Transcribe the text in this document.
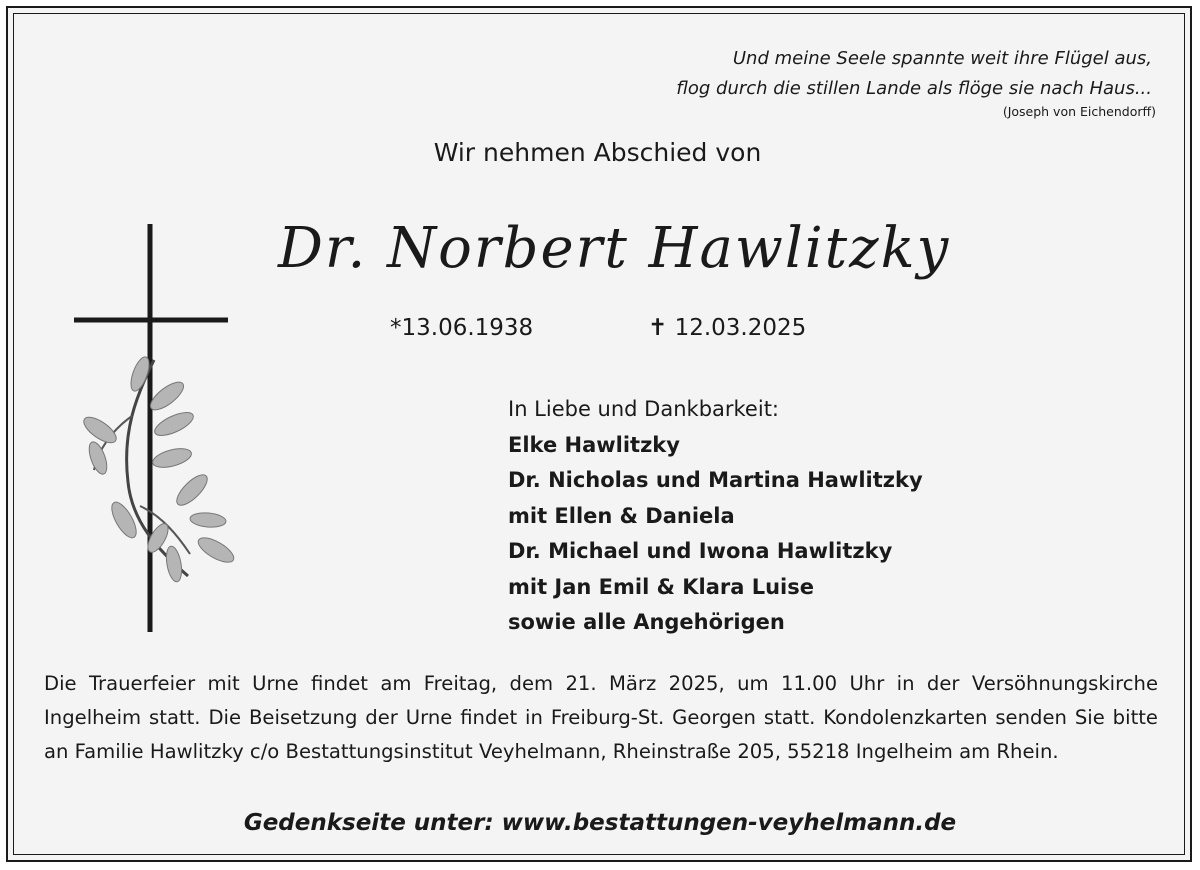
Und meine Seele spannte weit ihre Flügel aus,
flog durch die stillen Lande als flöge sie nach Haus...
(Joseph von Eichendorff)
Wir nehmen Abschied von
Dr. Norbert Hawlitzky
*13.06.1938	✝ 12.03.2025
In Liebe und Dankbarkeit:
Elke Hawlitzky
Dr. Nicholas und Martina Hawlitzky
mit Ellen & Daniela
Dr. Michael und Iwona Hawlitzky
mit Jan Emil & Klara Luise
sowie alle Angehörigen
Die Trauerfeier mit Urne findet am Freitag, dem 21. März 2025, um 11.00 Uhr in der Versöhnungskirche Ingelheim statt. Die Beisetzung der Urne findet in Freiburg-St. Georgen statt. Kondolenzkarten senden Sie bitte an Familie Hawlitzky c/o Bestattungsinstitut Veyhelmann, Rheinstraße 205, 55218 Ingelheim am Rhein.
Gedenkseite unter: www.bestattungen-veyhelmann.de
